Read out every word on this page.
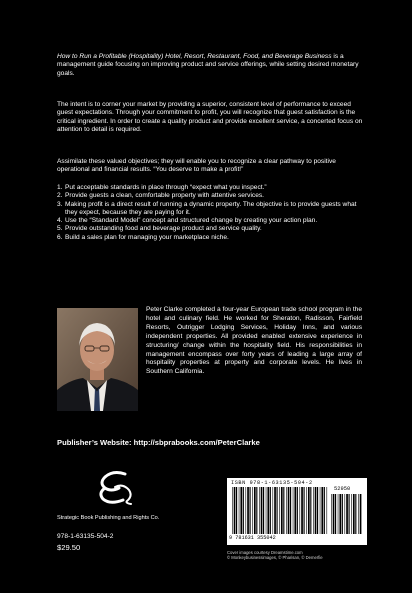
How to Run a Profitable (Hospitality) Hotel, Resort, Restaurant, Food, and Beverage Business is a management guide focusing on improving product and service offerings, while setting desired monetary goals.

The intent is to corner your market by providing a superior, consistent level of performance to exceed guest expectations. Through your commitment to profit, you will recognize that guest satisfaction is the critical ingredient. In order to create a quality product and provide excellent service, a concerted focus on attention to detail is required.

Assimilate these valued objectives; they will enable you to recognize a clear pathway to positive operational and financial results. “You deserve to make a profit!”

1. Put acceptable standards in place through “expect what you inspect.”
2. Provide guests a clean, comfortable property with attentive services.
3. Making profit is a direct result of running a dynamic property. The objective is to provide guests what they expect, because they are paying for it.
4. Use the “Standard Model” concept and structured change by creating your action plan.
5. Provide outstanding food and beverage product and service quality.
6. Build a sales plan for managing your marketplace niche.
Peter Clarke completed a four-year European trade school program in the hotel and culinary field. He worked for Sheraton, Radisson, Fairfield Resorts, Outrigger Lodging Services, Holiday Inns, and various independent properties. All provided enabled extensive experience in structuring/ change within the hospitality field. His responsibilities in management encompass over forty years of leading a large array of hospitality properties at property and corporate levels. He lives in Southern California.
Publisher’s Website: http://sbprabooks.com/PeterClarke
Strategic Book Publishing and Rights Co.
978-1-63135-504-2
$29.50
ISBN 978-1-63135-504-2
52950
9 781631 355042
Cover images courtesy Dreamstime.com
© Monkeybusinessimages, © Pharisan, © Demerfie
